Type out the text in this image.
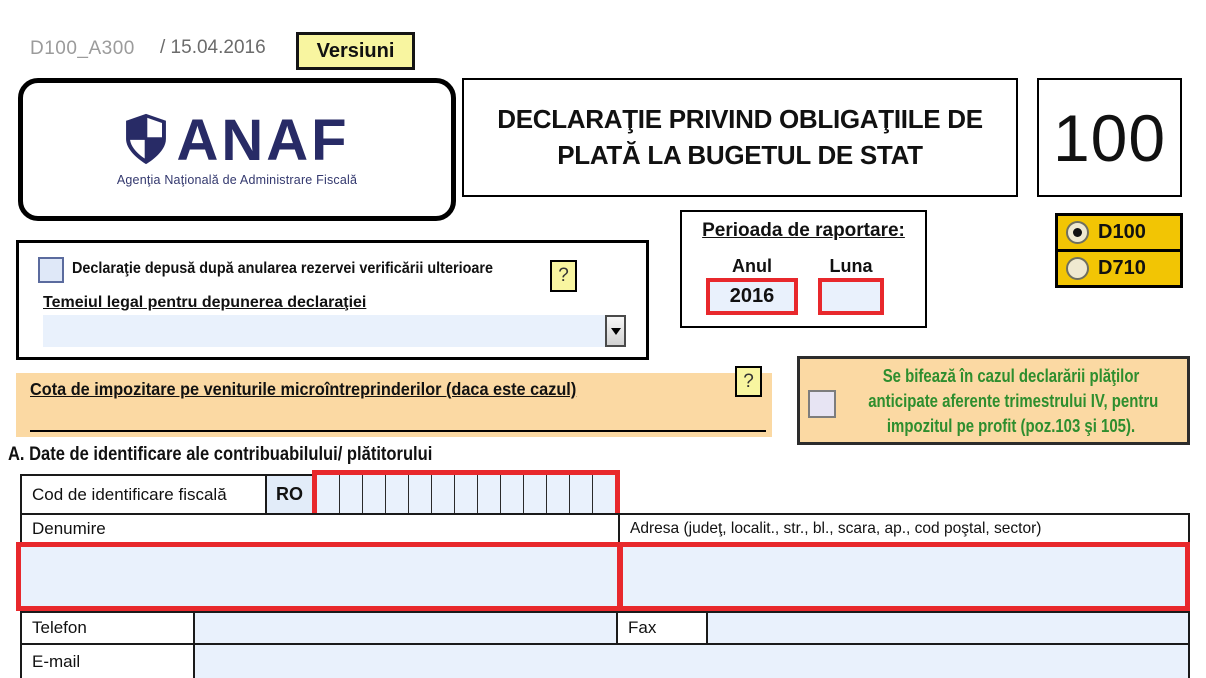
D100_A300 / 15.04.2016	Versiuni
ANAF
Agenţia Naţională de Administrare Fiscală
DECLARAŢIE PRIVIND OBLIGAŢIILE DE
PLATĂ LA BUGETUL DE STAT	100
Perioada de raportare:
Anul	Luna
2016
D100
D710
Declaraţie depusă după anularea rezervei verificării ulterioare	?
Temeiul legal pentru depunerea declaraţiei
Cota de impozitare pe veniturile microîntreprinderilor (daca este cazul)	?	Se bifează în cazul declarării plăţilor
anticipate aferente trimestrului IV, pentru
impozitul pe profit (poz.103 şi 105).
A. Date de identificare ale contribuabilului/ plătitorului
Cod de identificare fiscală	RO
Denumire	Adresa (judeţ, localit., str., bl., scara, ap., cod poştal, sector)
Telefon	Fax
E-mail
